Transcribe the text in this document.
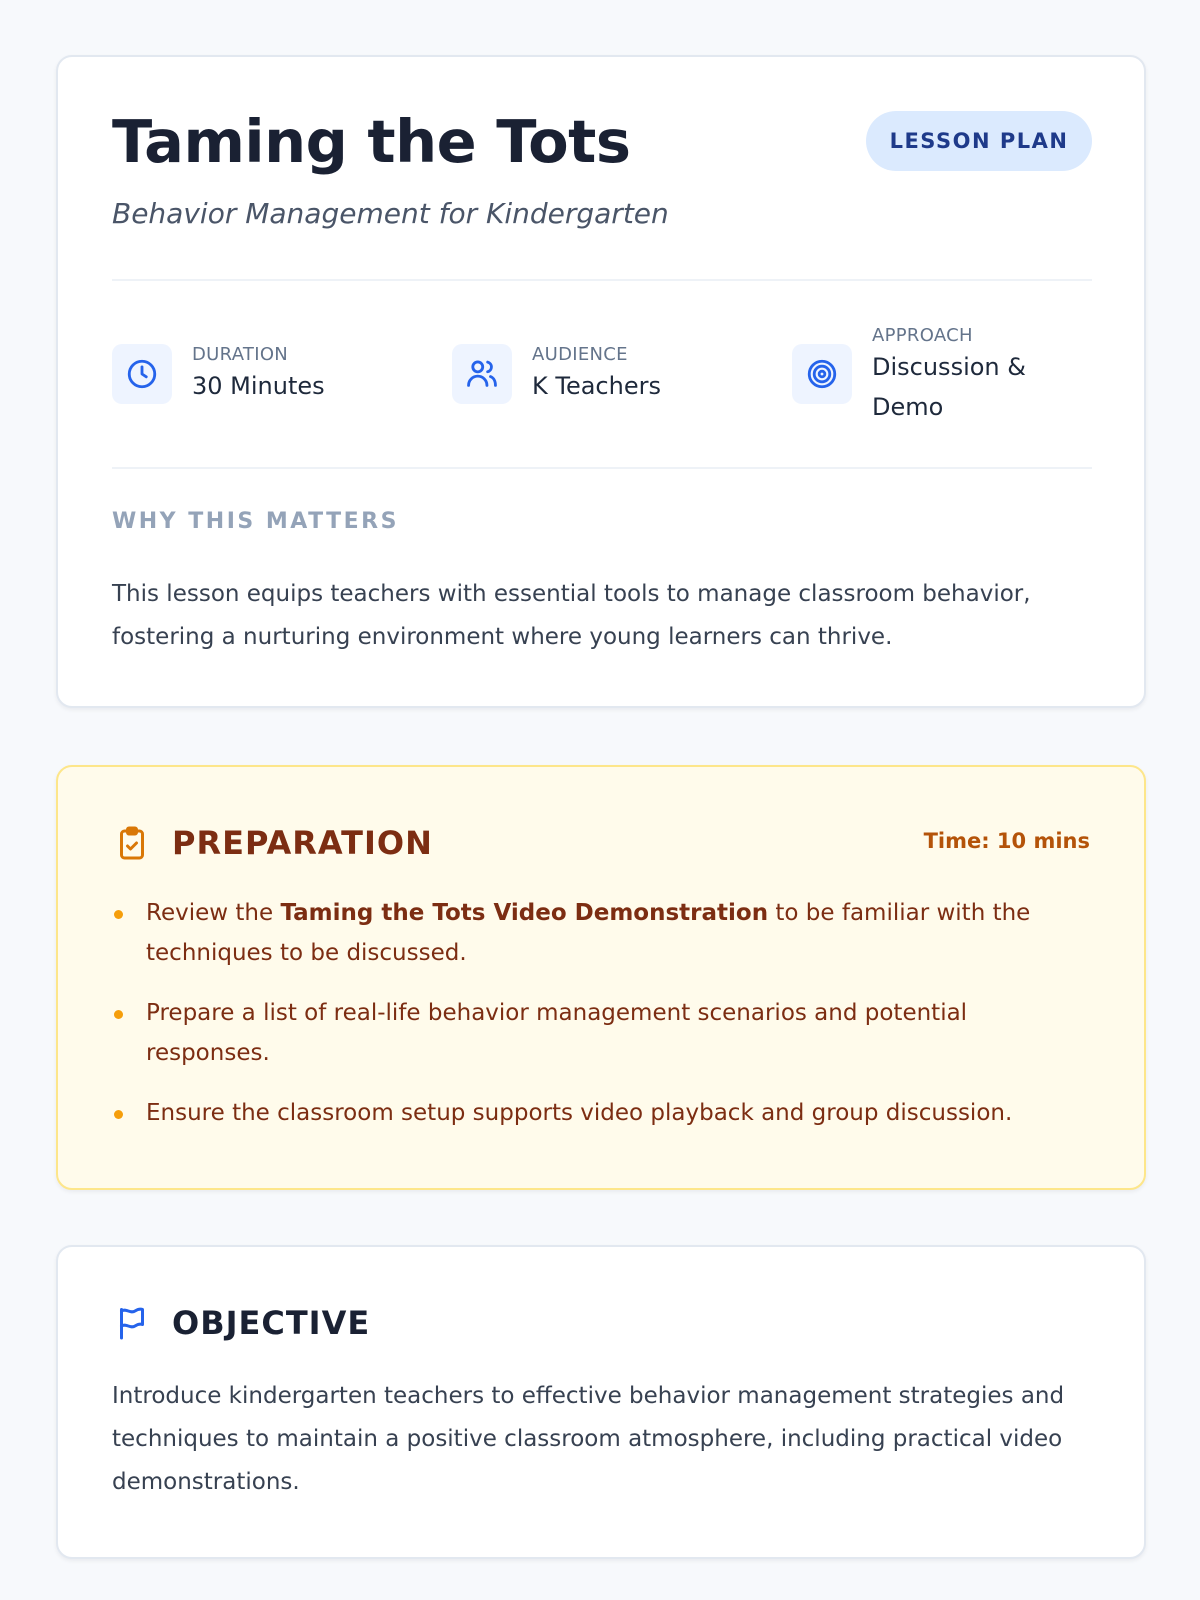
Taming the Tots
Behavior Management for Kindergarten
LESSON PLAN
DURATION
30 Minutes
AUDIENCE
K Teachers
APPROACH
Discussion & Demo
WHY THIS MATTERS

This lesson equips teachers with essential tools to manage classroom behavior, fostering a nurturing environment where young learners can thrive.

PREPARATION	Time: 10 mins
Review the Taming the Tots Video Demonstration to be familiar with the techniques to be discussed.
Prepare a list of real-life behavior management scenarios and potential responses.
Ensure the classroom setup supports video playback and group discussion.
OBJECTIVE

Introduce kindergarten teachers to effective behavior management strategies and techniques to maintain a positive classroom atmosphere, including practical video demonstrations.
